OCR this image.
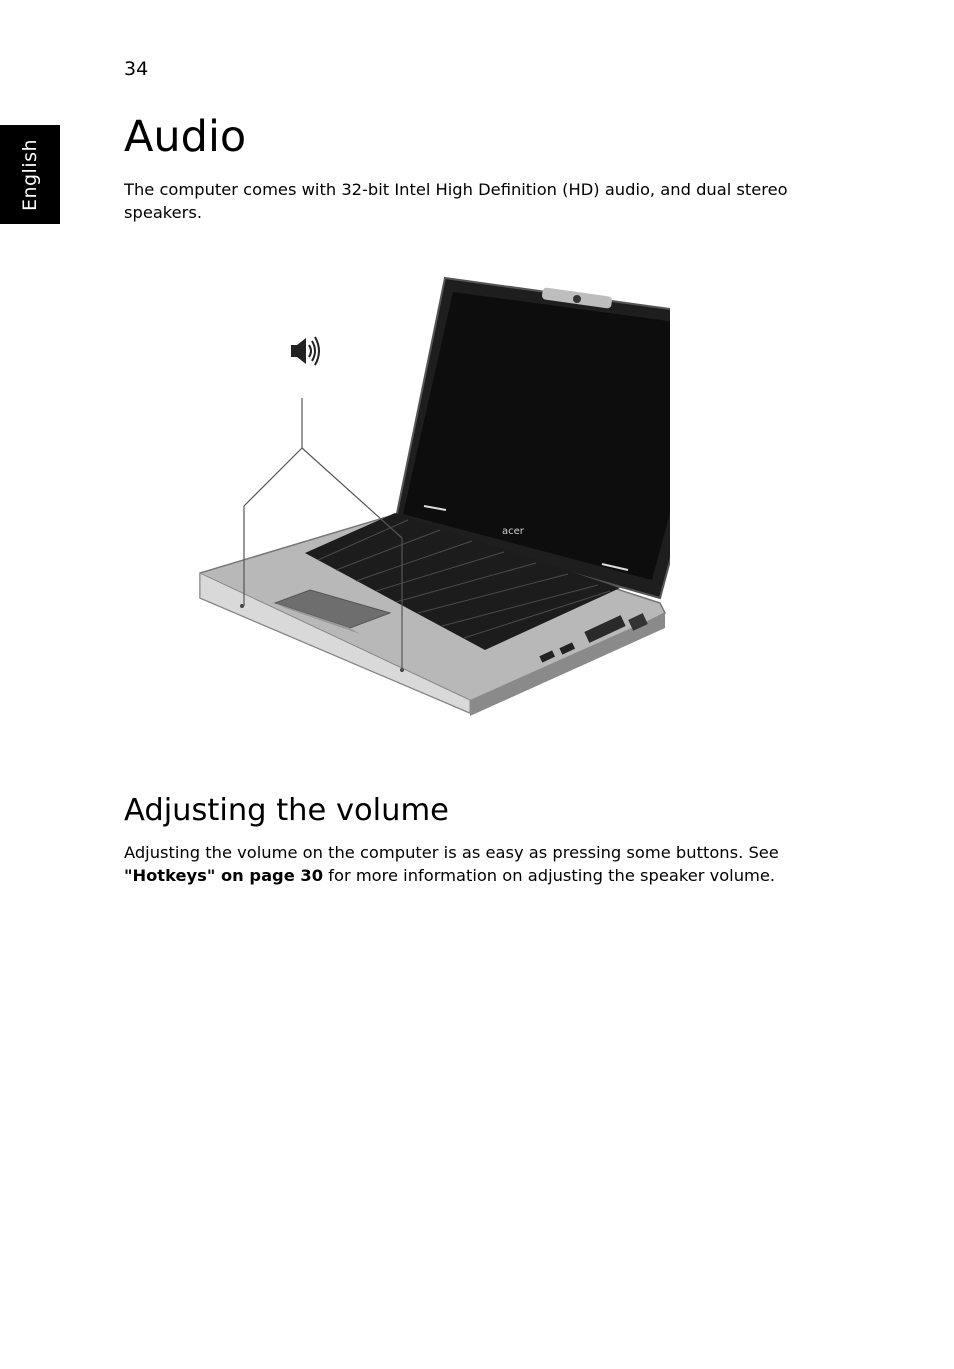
34
English
Audio

The computer comes with 32-bit Intel High Definition (HD) audio, and dual stereo speakers.

acer
Adjusting the volume

Adjusting the volume on the computer is as easy as pressing some buttons. See "Hotkeys" on page 30 for more information on adjusting the speaker volume.
